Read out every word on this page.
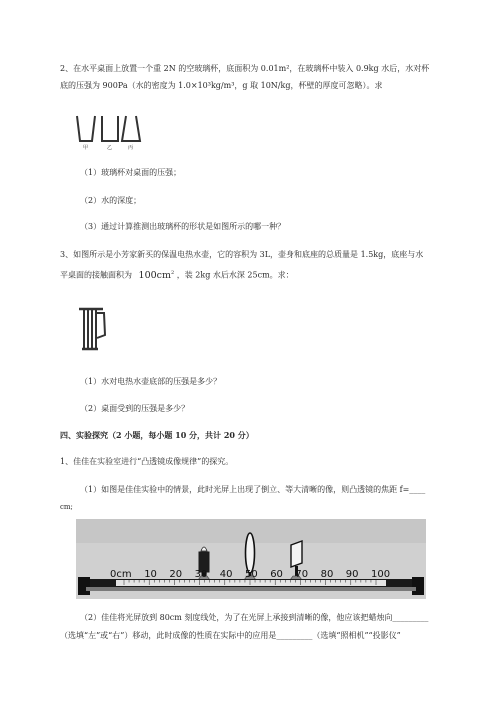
2、在水平桌面上放置一个重 2N 的空玻璃杯，底面积为 0.01m²，在玻璃杯中装入 0.9kg 水后，水对杯
底的压强为 900Pa（水的密度为 1.0×10³kg/m³，g 取 10N/kg，杯壁的厚度可忽略）。求
甲	乙	丙
（1）玻璃杯对桌面的压强；
（2）水的深度；
（3）通过计算推测出玻璃杯的形状是如图所示的哪一种？
3、如图所示是小芳家新买的保温电热水壶，它的容积为 3L，壶身和底座的总质量是 1.5kg，底座与水
平桌面的接触面积为 $100cm^2$ ，装 2kg 水后水深 25cm。求：
（1）水对电热水壶底部的压强是多少？
（2）桌面受到的压强是多少？
四、实验探究（2 小题，每小题 10 分，共计 20 分）
1、佳佳在实验室进行“凸透镜成像规律”的探究。
（1）如图是佳佳实验中的情景，此时光屏上出现了倒立、等大清晰的像，则凸透镜的焦距 f=____
cm;
0cm 10 20 30 40 50 60 70 80 90 100
（2）佳佳将光屏放到 80cm 刻度线处，为了在光屏上承接到清晰的像，他应该把蜡烛向_________
（选填“左”或“右”）移动，此时成像的性质在实际中的应用是_________（选填“照相机”“投影仪”
